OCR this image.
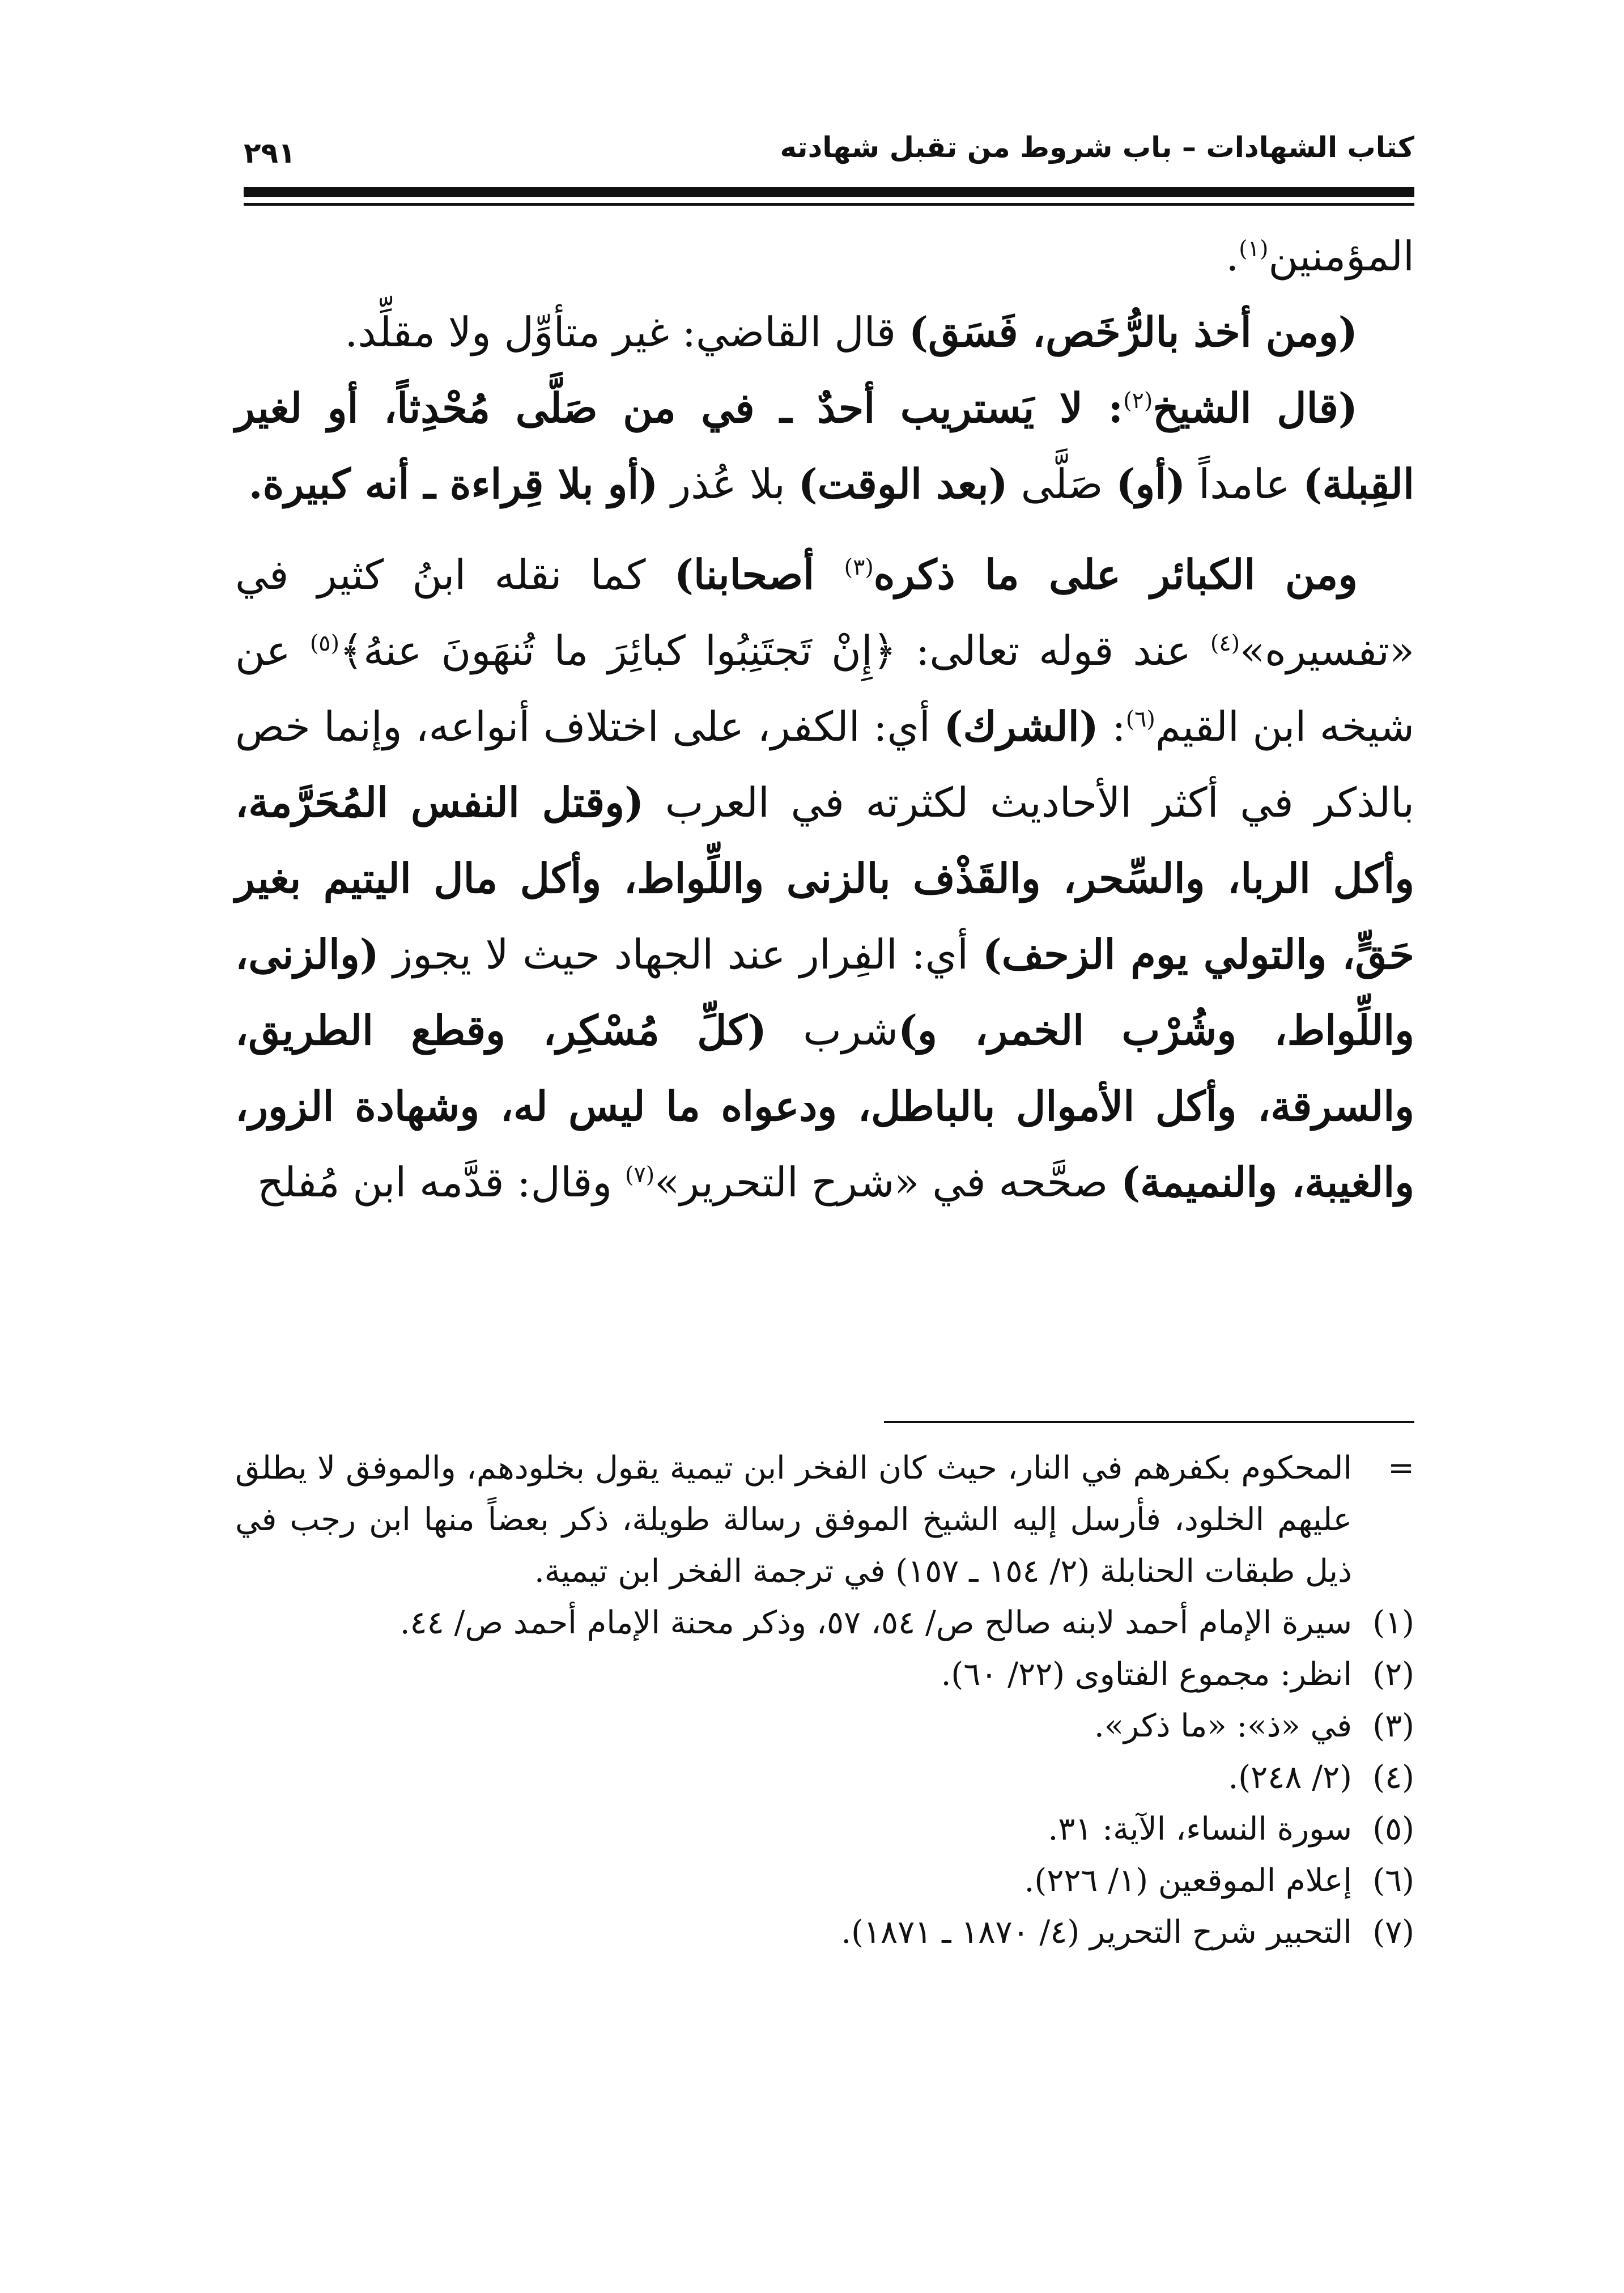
كتاب الشهادات – باب شروط من تقبل شهادته
٢٩١

المؤمنين$^{(١)}$.

(ومن أخذ بالرُّخَص، فَسَق) قال القاضي: غير متأوِّل ولا مقلِّد.

(قال الشيخ$^{(٢)}$: لا يَستريب أحدٌ ـ في من صَلَّى مُحْدِثاً، أو لغير القِبلة) عامداً (أو) صَلَّى (بعد الوقت) بلا عُذر (أو بلا قِراءة ـ أنه كبيرة.

ومن الكبائر على ما ذكره$^{(٣)}$ أصحابنا) كما نقله ابنُ كثير في «تفسيره»$^{(٤)}$ عند قوله تعالى: ﴿إِنْ تَجتَنِبُوا كبائِرَ ما تُنهَونَ عنهُ﴾$^{(٥)}$ عن شيخه ابن القيم$^{(٦)}$: (الشرك) أي: الكفر، على اختلاف أنواعه، وإنما خص بالذكر في أكثر الأحاديث لكثرته في العرب (وقتل النفس المُحَرَّمة، وأكل الربا، والسِّحر، والقَذْف بالزنى واللِّواط، وأكل مال اليتيم بغير حَقٍّ، والتولي يوم الزحف) أي: الفِرار عند الجهاد حيث لا يجوز (والزنى، واللِّواط، وشُرْب الخمر، و)شرب (كلِّ مُسْكِر، وقطع الطريق، والسرقة، وأكل الأموال بالباطل، ودعواه ما ليس له، وشهادة الزور، والغيبة، والنميمة) صحَّحه في «شرح التحرير»$^{(٧)}$ وقال: قدَّمه ابن مُفلح

=
المحكوم بكفرهم في النار، حيث كان الفخر ابن تيمية يقول بخلودهم، والموفق لا يطلق عليهم الخلود، فأرسل إليه الشيخ الموفق رسالة طويلة، ذكر بعضاً منها ابن رجب في ذيل طبقات الحنابلة (٢/ ١٥٤ ـ ١٥٧) في ترجمة الفخر ابن تيمية.

(١)
سيرة الإمام أحمد لابنه صالح ص/ ٥٤، ٥٧، وذكر محنة الإمام أحمد ص/ ٤٤.

(٢)
انظر: مجموع الفتاوى (٢٢/ ٦٠).

(٣)
في «ذ»: «ما ذكر».

(٤)
(٢/ ٢٤٨).

(٥)
سورة النساء، الآية: ٣١.

(٦)
إعلام الموقعين (١/ ٢٢٦).

(٧)
التحبير شرح التحرير (٤/ ١٨٧٠ ـ ١٨٧١).
